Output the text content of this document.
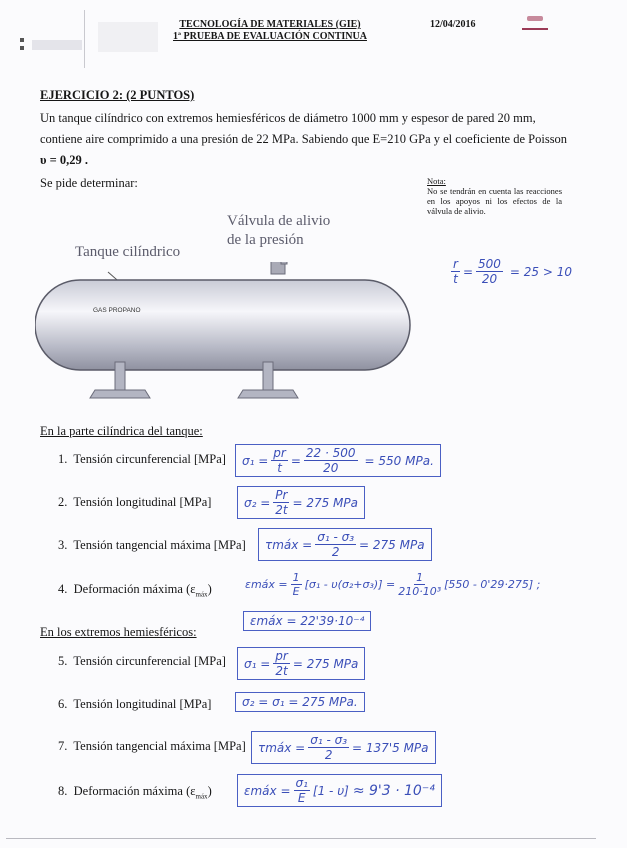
TECNOLOGÍA DE MATERIALES (GIE)
1ª PRUEBA DE EVALUACIÓN CONTINUA
12/04/2016
EJERCICIO 2: (2 PUNTOS)
Un tanque cilíndrico con extremos hemiesféricos de diámetro 1000 mm y espesor de pared 20 mm,
contiene aire comprimido a una presión de 22 MPa. Sabiendo que E=210 GPa y el coeficiente de Poisson
υ = 0,29 .
Se pide determinar:	Nota:
No se tendrán en cuenta las reacciones en los apoyos ni los efectos de la válvula de alivio.
Tanque cilíndrico
Válvula de alivio
de la presión
GAS PROPANO
$\frac{r}{t} = \frac{500}{20} = 25 > 10$
En la parte cilíndrica del tanque:
1. Tensión circunferencial [MPa] $\sigma_1 = \frac{pr}{t} = \frac{22 \cdot 500}{20} = 550$ MPa.
2. Tensión longitudinal [MPa]	$\sigma_2 = \frac{Pr}{2t} = 275$ MPa
3. Tensión tangencial máxima [MPa] τmáx = $\frac{\text{σ₁ - σ₃}}{2} = 275$ MPa
4. Deformación máxima $(\varepsilon_{máx})$	εmáx = $\frac{1}{E} [\sigma_1 - \upsilon(\sigma_2+\sigma_3)] = \frac{1}{\text{210·10³}} [550 - 0'29\cdot 275]$ ;
εmáx = 22'39·10⁻⁴
En los extremos hemiesféricos:
5. Tensión circunferencial [MPa] $\sigma_1 = \frac{pr}{2t} = 275$ MPa
6. Tensión longitudinal [MPa]	σ₂ = σ₁ = 275 MPa.
7. Tensión tangencial máxima [MPa] τmáx = $\frac{\text{σ₁ - σ₃}}{2} = 137'5$ MPa
8. Deformación máxima $(\varepsilon_{máx})$	εmáx = $\frac{\text{σ₁}}{E} [1 - \upsilon] \approx 9'3 \cdot 10^{-4}$
